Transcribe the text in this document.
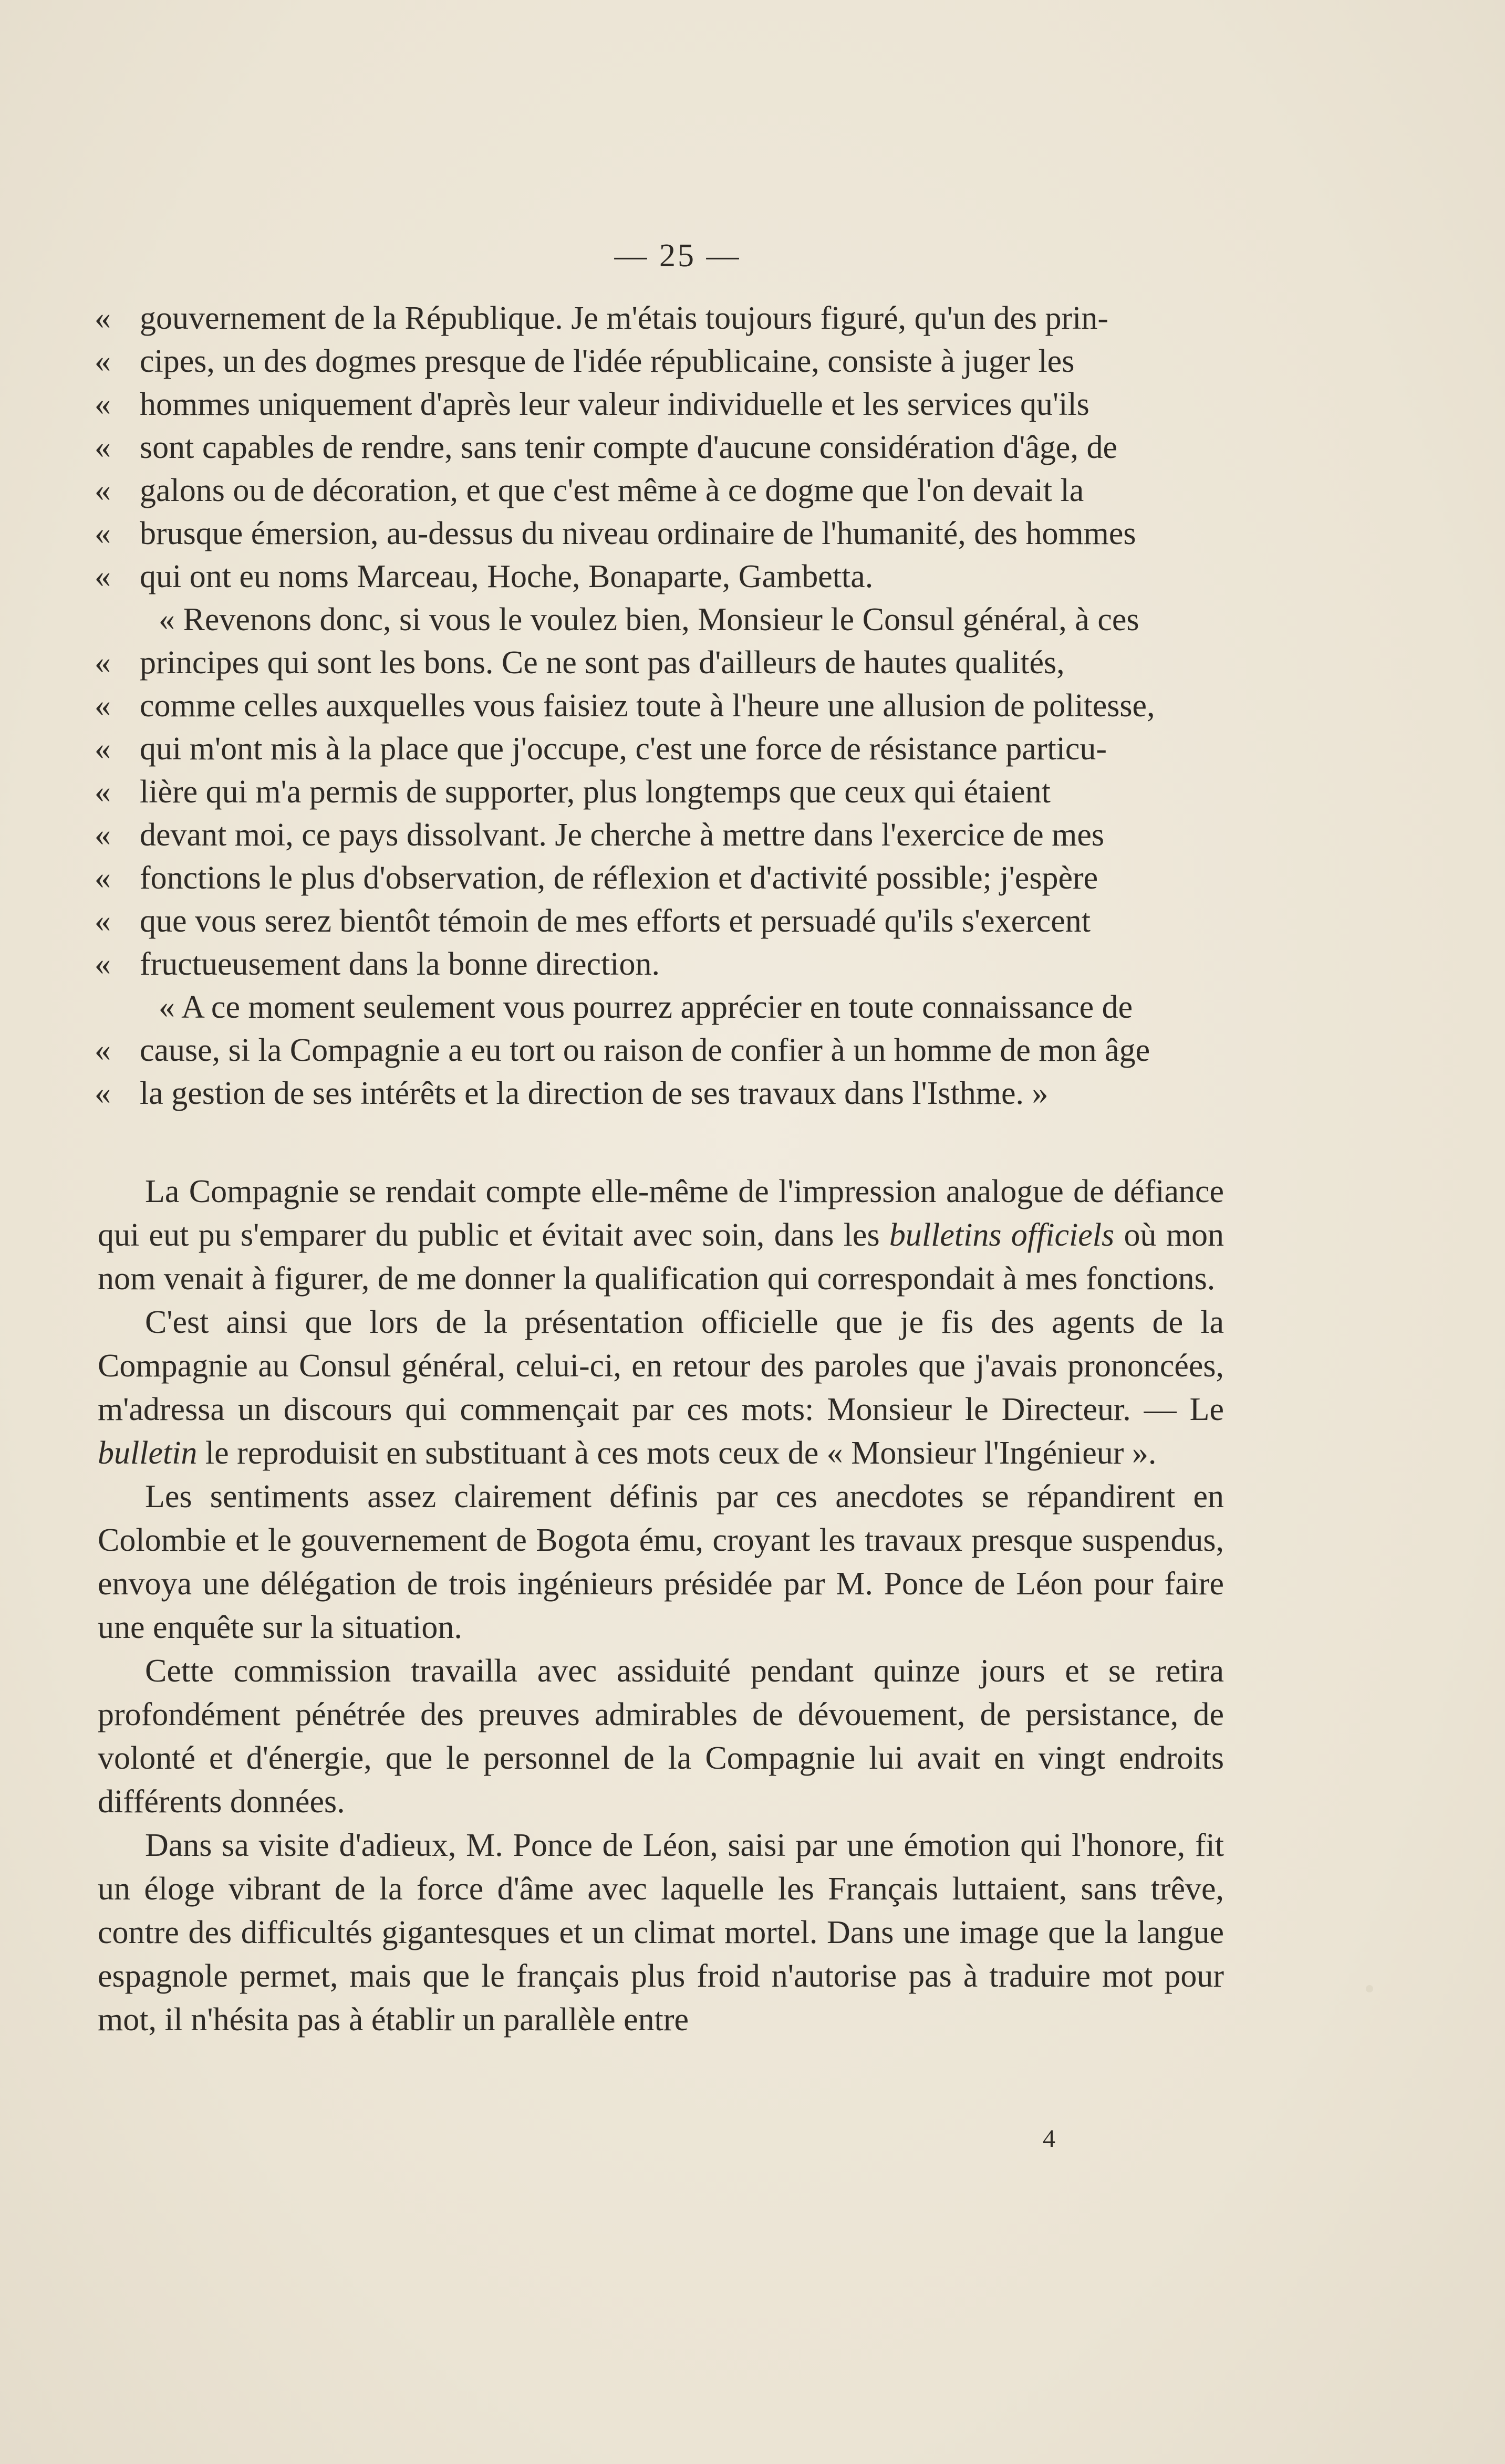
— 25 —
« gouvernement de la République. Je m'étais toujours figuré, qu'un des prin-
« cipes, un des dogmes presque de l'idée républicaine, consiste à juger les
« hommes uniquement d'après leur valeur individuelle et les services qu'ils
« sont capables de rendre, sans tenir compte d'aucune considération d'âge, de
« galons ou de décoration, et que c'est même à ce dogme que l'on devait la
« brusque émersion, au-dessus du niveau ordinaire de l'humanité, des hommes
« qui ont eu noms Marceau, Hoche, Bonaparte, Gambetta.
« Revenons donc, si vous le voulez bien, Monsieur le Consul général, à ces
« principes qui sont les bons. Ce ne sont pas d'ailleurs de hautes qualités,
« comme celles auxquelles vous faisiez toute à l'heure une allusion de politesse,
« qui m'ont mis à la place que j'occupe, c'est une force de résistance particu-
« lière qui m'a permis de supporter, plus longtemps que ceux qui étaient
« devant moi, ce pays dissolvant. Je cherche à mettre dans l'exercice de mes
« fonctions le plus d'observation, de réflexion et d'activité possible; j'espère
« que vous serez bientôt témoin de mes efforts et persuadé qu'ils s'exercent
« fructueusement dans la bonne direction.
« A ce moment seulement vous pourrez apprécier en toute connaissance de
« cause, si la Compagnie a eu tort ou raison de confier à un homme de mon âge
« la gestion de ses intérêts et la direction de ses travaux dans l'Isthme. »

La Compagnie se rendait compte elle-même de l'impression analogue de défiance qui eut pu s'emparer du public et évitait avec soin, dans les bulletins officiels où mon nom venait à figurer, de me donner la qualification qui correspondait à mes fonctions.

C'est ainsi que lors de la présentation officielle que je fis des agents de la Compagnie au Consul général, celui-ci, en retour des paroles que j'avais prononcées, m'adressa un discours qui commençait par ces mots: Monsieur le Directeur. — Le bulletin le reproduisit en substituant à ces mots ceux de « Monsieur l'Ingénieur ».

Les sentiments assez clairement définis par ces anecdotes se répandirent en Colombie et le gouvernement de Bogota ému, croyant les travaux presque suspendus, envoya une délégation de trois ingénieurs présidée par M. Ponce de Léon pour faire une enquête sur la situation.

Cette commission travailla avec assiduité pendant quinze jours et se retira profondément pénétrée des preuves admirables de dévouement, de persistance, de volonté et d'énergie, que le personnel de la Compagnie lui avait en vingt endroits différents données.

Dans sa visite d'adieux, M. Ponce de Léon, saisi par une émotion qui l'honore, fit un éloge vibrant de la force d'âme avec laquelle les Français luttaient, sans trêve, contre des difficultés gigantesques et un climat mortel. Dans une image que la langue espagnole permet, mais que le français plus froid n'autorise pas à traduire mot pour mot, il n'hésita pas à établir un parallèle entre

4
